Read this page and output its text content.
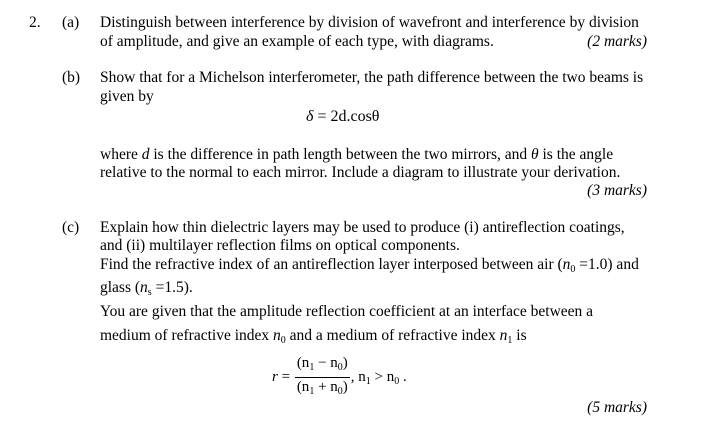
2. (a) Distinguish between interference by division of wavefront and interference by division
of amplitude, and give an example of each type, with diagrams.	(2 marks)
(b) Show that for a Michelson interferometer, the path difference between the two beams is
given by
δ = 2d.cosθ
where d is the difference in path length between the two mirrors, and θ is the angle
relative to the normal to each mirror. Include a diagram to illustrate your derivation.
(3 marks)
(c) Explain how thin dielectric layers may be used to produce (i) antireflection coatings,
and (ii) multilayer reflection films on optical components.
Find the refractive index of an antireflection layer interposed between air $(n_0 =1.0)$ and
glass $(n_s =1.5)$.
You are given that the amplitude reflection coefficient at an interface between a
medium of refractive index $n_0$ and a medium of refractive index $n_1$ is
$r = \frac{(n_1 - n_0)}{(n_1 + n_0)}$ , $n_1 > n_0$ .
(5 marks)
